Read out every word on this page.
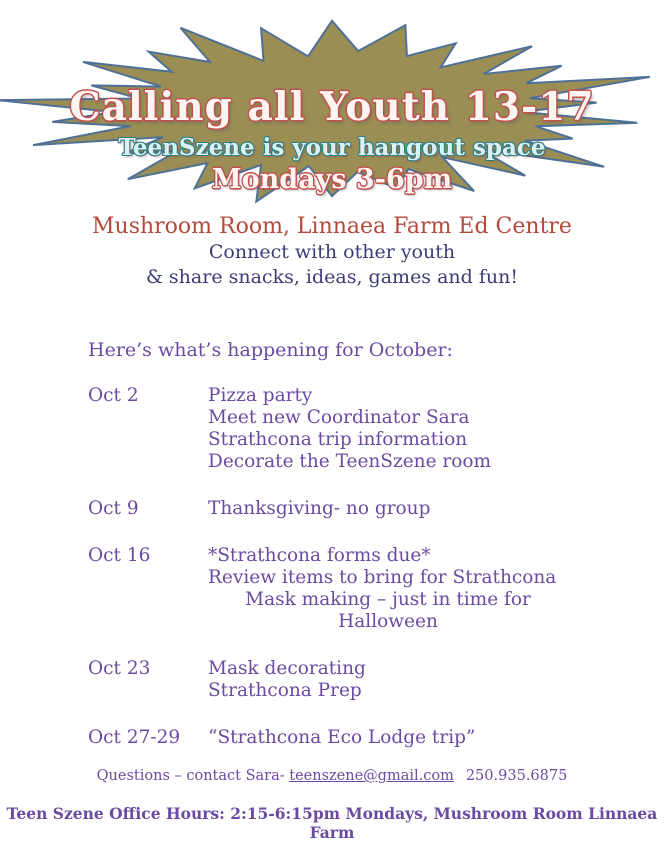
Calling all Youth 13-17
TeenSzene is your hangout space
Mondays 3-6pm
Mushroom Room, Linnaea Farm Ed Centre
Connect with other youth
& share snacks, ideas, games and fun!
Here’s what’s happening for October:
Oct 2	Pizza party
Meet new Coordinator Sara
Strathcona trip information
Decorate the TeenSzene room
Oct 9	Thanksgiving- no group
Oct 16	*Strathcona forms due*
Review items to bring for Strathcona
Mask making – just in time for
Halloween
Oct 23	Mask decorating
Strathcona Prep
Oct 27-29	“Strathcona Eco Lodge trip”
Questions – contact Sara- teenszene@gmail.com 250.935.6875
Teen Szene Office Hours: 2:15-6:15pm Mondays, Mushroom Room Linnaea Farm
